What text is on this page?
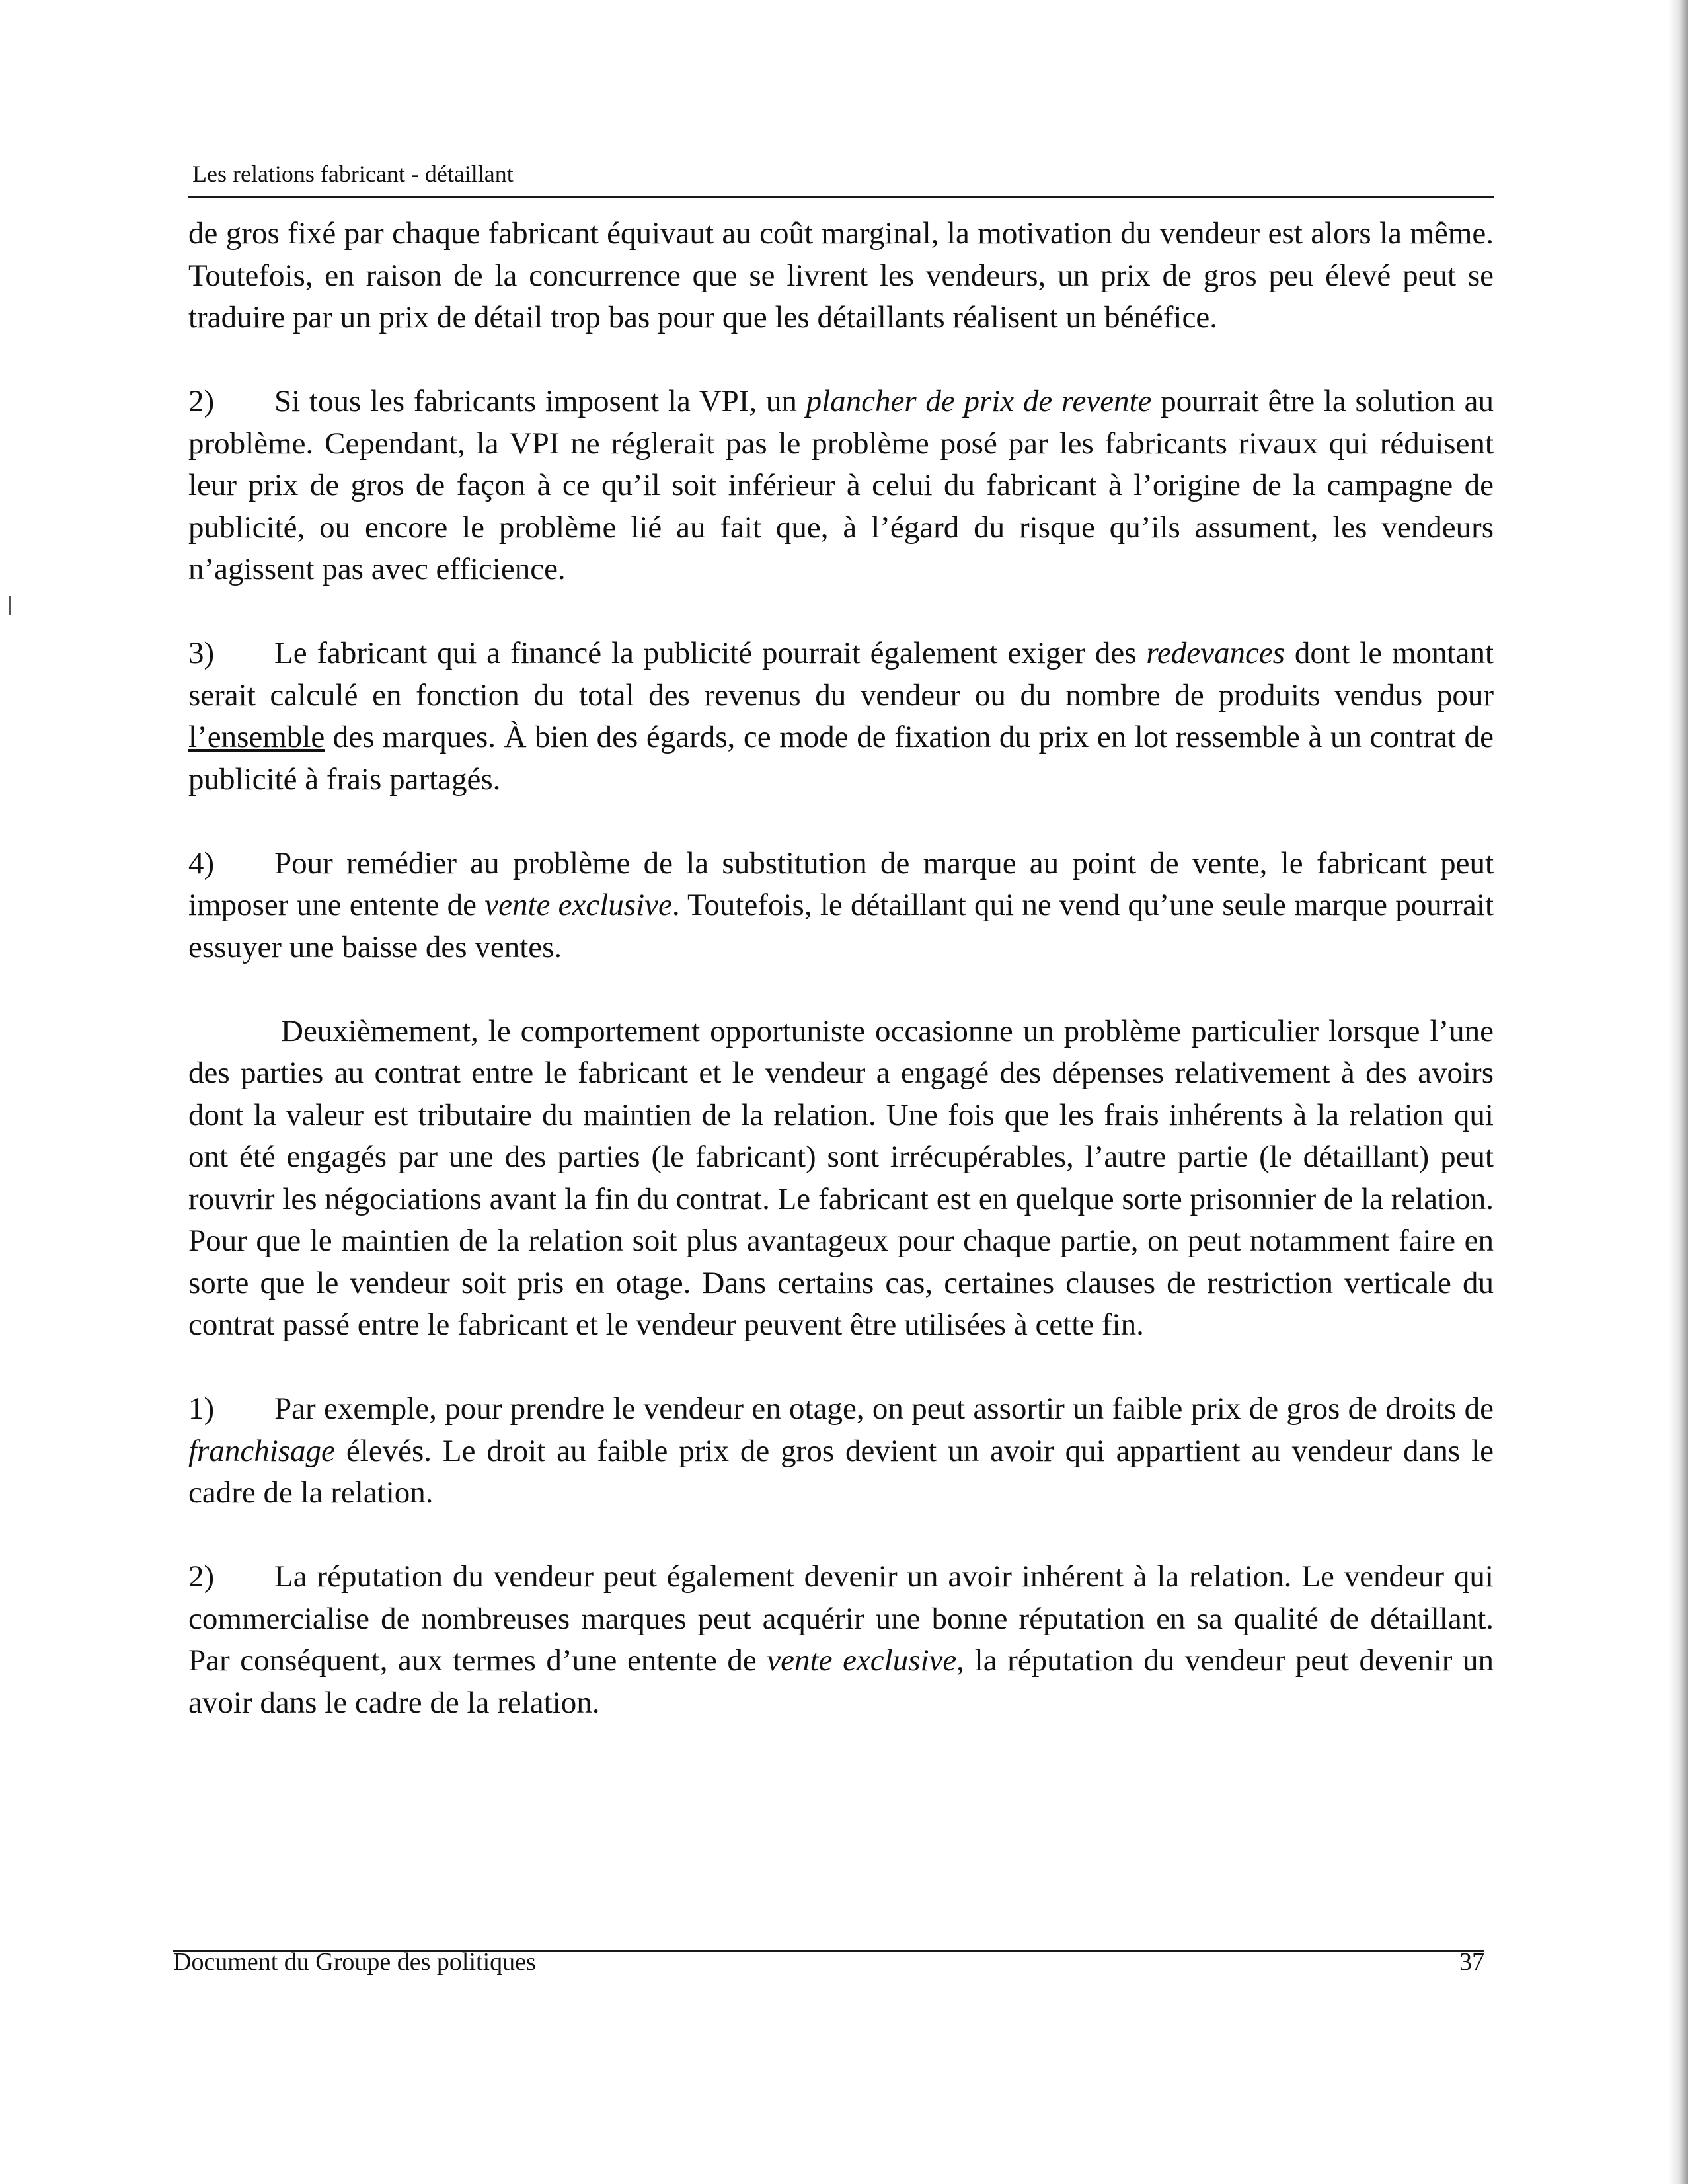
Les relations fabricant - détaillant

de gros fixé par chaque fabricant équivaut au coût marginal, la motivation du vendeur est alors la même. Toutefois, en raison de la concurrence que se livrent les vendeurs, un prix de gros peu élevé peut se traduire par un prix de détail trop bas pour que les détaillants réalisent un bénéfice.

2) Si tous les fabricants imposent la VPI, un plancher de prix de revente pourrait être la solution au problème. Cependant, la VPI ne réglerait pas le problème posé par les fabricants rivaux qui réduisent leur prix de gros de façon à ce qu’il soit inférieur à celui du fabricant à l’origine de la campagne de publicité, ou encore le problème lié au fait que, à l’égard du risque qu’ils assument, les vendeurs n’agissent pas avec efficience.

3) Le fabricant qui a financé la publicité pourrait également exiger des redevances dont le montant serait calculé en fonction du total des revenus du vendeur ou du nombre de produits vendus pour l’ensemble des marques. À bien des égards, ce mode de fixation du prix en lot ressemble à un contrat de publicité à frais partagés.

4) Pour remédier au problème de la substitution de marque au point de vente, le fabricant peut imposer une entente de vente exclusive. Toutefois, le détaillant qui ne vend qu’une seule marque pourrait essuyer une baisse des ventes.

Deuxièmement, le comportement opportuniste occasionne un problème particulier lorsque l’une des parties au contrat entre le fabricant et le vendeur a engagé des dépenses relativement à des avoirs dont la valeur est tributaire du maintien de la relation. Une fois que les frais inhérents à la relation qui ont été engagés par une des parties (le fabricant) sont irrécupérables, l’autre partie (le détaillant) peut rouvrir les négociations avant la fin du contrat. Le fabricant est en quelque sorte prisonnier de la relation. Pour que le maintien de la relation soit plus avantageux pour chaque partie, on peut notamment faire en sorte que le vendeur soit pris en otage. Dans certains cas, certaines clauses de restriction verticale du contrat passé entre le fabricant et le vendeur peuvent être utilisées à cette fin.

1) Par exemple, pour prendre le vendeur en otage, on peut assortir un faible prix de gros de droits de franchisage élevés. Le droit au faible prix de gros devient un avoir qui appartient au vendeur dans le cadre de la relation.

2) La réputation du vendeur peut également devenir un avoir inhérent à la relation. Le vendeur qui commercialise de nombreuses marques peut acquérir une bonne réputation en sa qualité de détaillant. Par conséquent, aux termes d’une entente de vente exclusive, la réputation du vendeur peut devenir un avoir dans le cadre de la relation.

Document du Groupe des politiques	37
